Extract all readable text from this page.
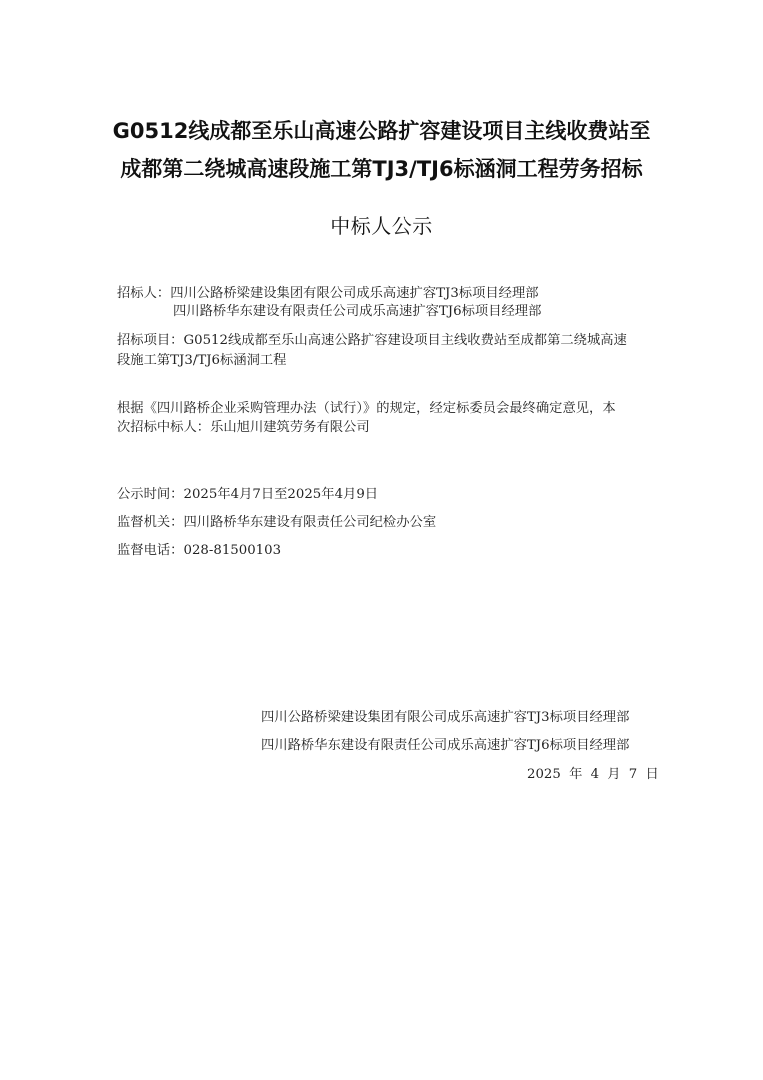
G0512线成都至乐山高速公路扩容建设项目主线收费站至
成都第二绕城高速段施工第TJ3/TJ6标涵洞工程劳务招标
中标人公示
招标人：四川公路桥梁建设集团有限公司成乐高速扩容TJ3标项目经理部
四川路桥华东建设有限责任公司成乐高速扩容TJ6标项目经理部
招标项目：G0512线成都至乐山高速公路扩容建设项目主线收费站至成都第二绕城高速
段施工第TJ3/TJ6标涵洞工程
根据《四川路桥企业采购管理办法（试行）》的规定，经定标委员会最终确定意见，本
次招标中标人：乐山旭川建筑劳务有限公司
公示时间：2025年4月7日至2025年4月9日
监督机关：四川路桥华东建设有限责任公司纪检办公室
监督电话：028-81500103
四川公路桥梁建设集团有限公司成乐高速扩容TJ3标项目经理部
四川路桥华东建设有限责任公司成乐高速扩容TJ6标项目经理部
2025 年 4 月 7 日
